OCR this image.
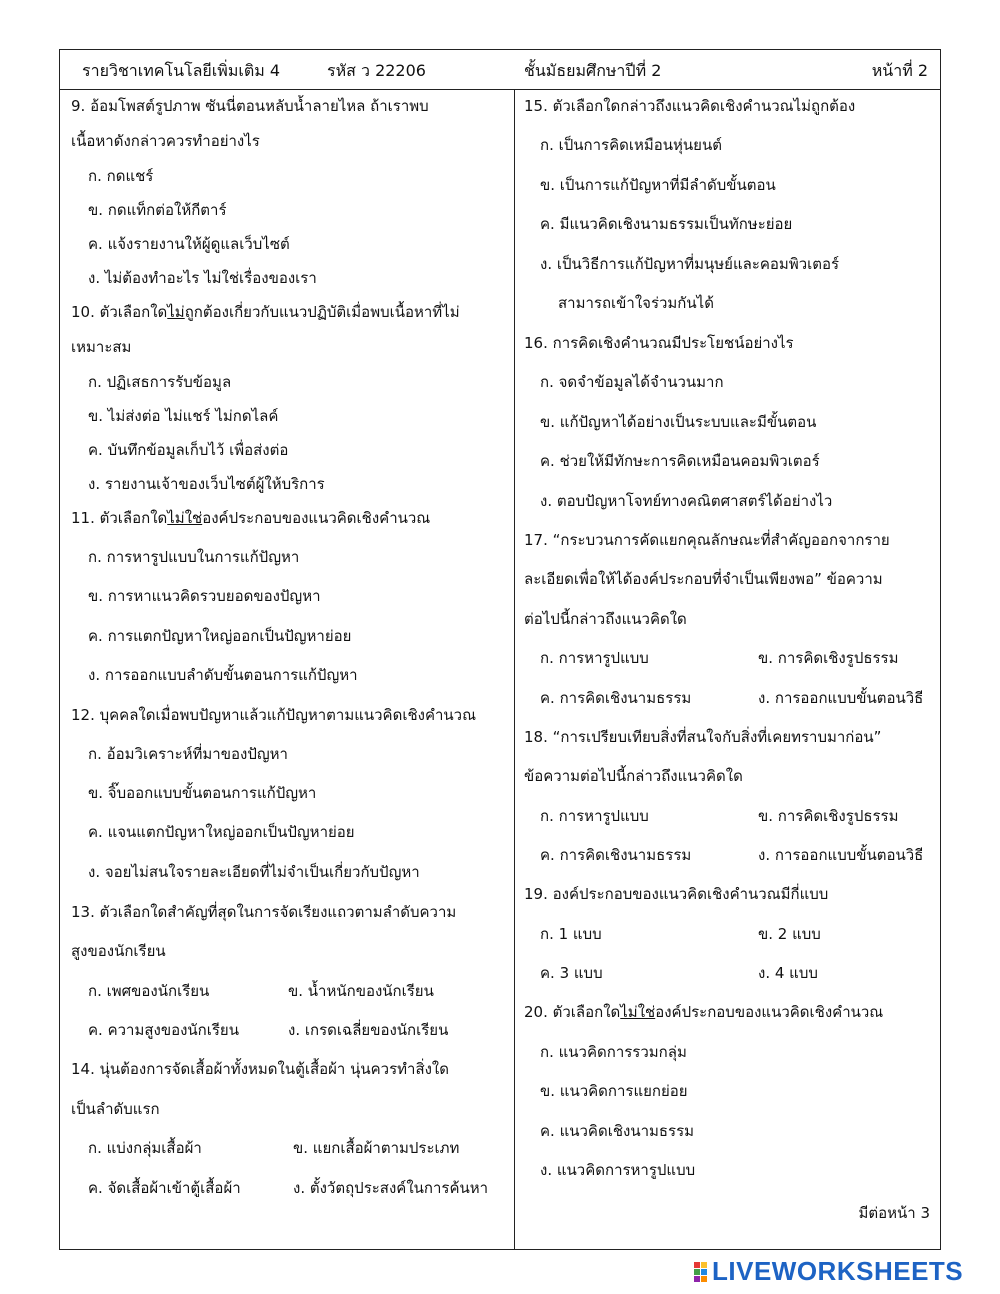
รายวิชาเทคโนโลยีเพิ่มเติม 4	รหัส ว 22206	ชั้นมัธยมศึกษาปีที่ 2	หน้าที่ 2
9. อ้อมโพสต์รูปภาพ ซันนี่ตอนหลับน้ำลายไหล ถ้าเราพบ
เนื้อหาดังกล่าวควรทำอย่างไร
ก. กดแชร์
ข. กดแท็กต่อให้กีตาร์
ค. แจ้งรายงานให้ผู้ดูแลเว็บไซต์
ง. ไม่ต้องทำอะไร ไม่ใช่เรื่องของเรา
10. ตัวเลือกใดไม่ถูกต้องเกี่ยวกับแนวปฏิบัติเมื่อพบเนื้อหาที่ไม่
เหมาะสม
ก. ปฏิเสธการรับข้อมูล
ข. ไม่ส่งต่อ ไม่แชร์ ไม่กดไลค์
ค. บันทึกข้อมูลเก็บไว้ เพื่อส่งต่อ
ง. รายงานเจ้าของเว็บไซต์ผู้ให้บริการ
11. ตัวเลือกใดไม่ใช่องค์ประกอบของแนวคิดเชิงคำนวณ
ก. การหารูปแบบในการแก้ปัญหา
ข. การหาแนวคิดรวบยอดของปัญหา
ค. การแตกปัญหาใหญ่ออกเป็นปัญหาย่อย
ง. การออกแบบลำดับขั้นตอนการแก้ปัญหา
12. บุคคลใดเมื่อพบปัญหาแล้วแก้ปัญหาตามแนวคิดเชิงคำนวณ
ก. อ้อมวิเคราะห์ที่มาของปัญหา
ข. จิ๊บออกแบบขั้นตอนการแก้ปัญหา
ค. แจนแตกปัญหาใหญ่ออกเป็นปัญหาย่อย
ง. จอยไม่สนใจรายละเอียดที่ไม่จำเป็นเกี่ยวกับปัญหา
13. ตัวเลือกใดสำคัญที่สุดในการจัดเรียงแถวตามลำดับความ
สูงของนักเรียน
ก. เพศของนักเรียน	ข. น้ำหนักของนักเรียน
ค. ความสูงของนักเรียน	ง. เกรดเฉลี่ยของนักเรียน
14. นุ่นต้องการจัดเสื้อผ้าทั้งหมดในตู้เสื้อผ้า นุ่นควรทำสิ่งใด
เป็นลำดับแรก
ก. แบ่งกลุ่มเสื้อผ้า	ข. แยกเสื้อผ้าตามประเภท
ค. จัดเสื้อผ้าเข้าตู้เสื้อผ้า	ง. ตั้งวัตถุประสงค์ในการค้นหา
15. ตัวเลือกใดกล่าวถึงแนวคิดเชิงคำนวณไม่ถูกต้อง
ก. เป็นการคิดเหมือนหุ่นยนต์
ข. เป็นการแก้ปัญหาที่มีลำดับขั้นตอน
ค. มีแนวคิดเชิงนามธรรมเป็นทักษะย่อย
ง. เป็นวิธีการแก้ปัญหาที่มนุษย์และคอมพิวเตอร์
สามารถเข้าใจร่วมกันได้
16. การคิดเชิงคำนวณมีประโยชน์อย่างไร
ก. จดจำข้อมูลได้จำนวนมาก
ข. แก้ปัญหาได้อย่างเป็นระบบและมีขั้นตอน
ค. ช่วยให้มีทักษะการคิดเหมือนคอมพิวเตอร์
ง. ตอบปัญหาโจทย์ทางคณิตศาสตร์ได้อย่างไว
17. “กระบวนการคัดแยกคุณลักษณะที่สำคัญออกจากราย
ละเอียดเพื่อให้ได้องค์ประกอบที่จำเป็นเพียงพอ” ข้อความ
ต่อไปนี้กล่าวถึงแนวคิดใด
ก. การหารูปแบบ	ข. การคิดเชิงรูปธรรม
ค. การคิดเชิงนามธรรม	ง. การออกแบบขั้นตอนวิธี
18. “การเปรียบเทียบสิ่งที่สนใจกับสิ่งที่เคยทราบมาก่อน”
ข้อความต่อไปนี้กล่าวถึงแนวคิดใด
ก. การหารูปแบบ	ข. การคิดเชิงรูปธรรม
ค. การคิดเชิงนามธรรม	ง. การออกแบบขั้นตอนวิธี
19. องค์ประกอบของแนวคิดเชิงคำนวณมีกี่แบบ
ก. 1 แบบ	ข. 2 แบบ
ค. 3 แบบ	ง. 4 แบบ
20. ตัวเลือกใดไม่ใช่องค์ประกอบของแนวคิดเชิงคำนวณ
ก. แนวคิดการรวมกลุ่ม
ข. แนวคิดการแยกย่อย
ค. แนวคิดเชิงนามธรรม
ง. แนวคิดการหารูปแบบ
มีต่อหน้า 3
LIVEWORKSHEETS
